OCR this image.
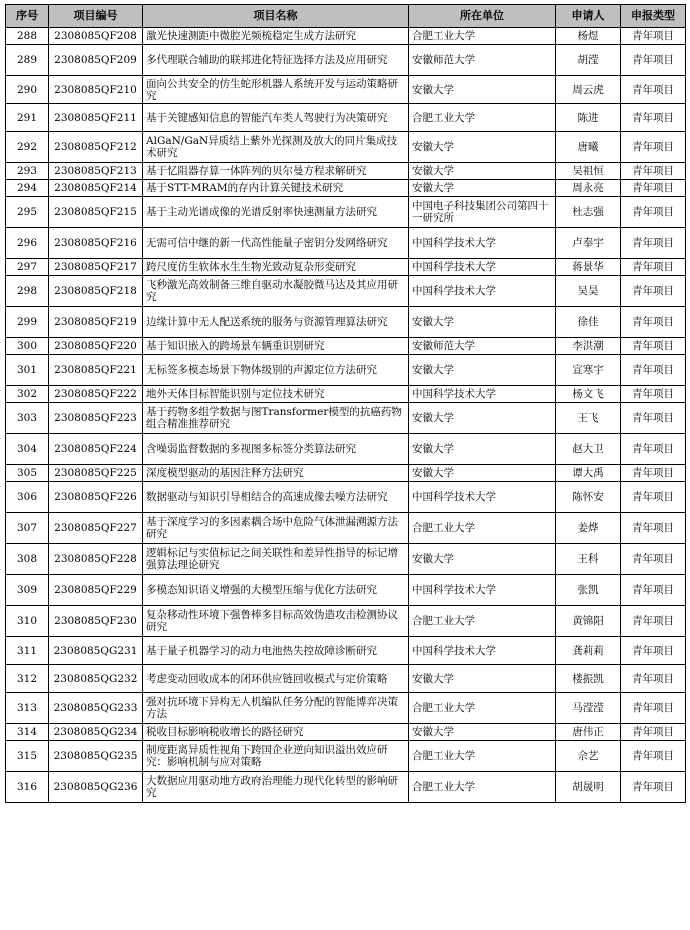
序号	项目编号	项目名称	所在单位	申请人	申报类型
288	2308085QF208	激光快速测距中微腔光频梳稳定生成方法研究	合肥工业大学	杨煜	青年项目
289	2308085QF209	多代理联合辅助的联邦进化特征选择方法及应用研究	安徽师范大学	胡滢	青年项目
290	2308085QF210	面向公共安全的仿生蛇形机器人系统开发与运动策略研究	安徽大学	周云虎	青年项目
291	2308085QF211	基于关键感知信息的智能汽车类人驾驶行为决策研究	合肥工业大学	陈进	青年项目
292	2308085QF212	AlGaN/GaN异质结上紫外光探测及放大的同片集成技术研究	安徽大学	唐曦	青年项目
293	2308085QF213	基于忆阻器存算一体阵列的贝尔曼方程求解研究	安徽大学	吴祖恒	青年项目
294	2308085QF214	基于STT-MRAM的存内计算关键技术研究	安徽大学	周永亮	青年项目
295	2308085QF215	基于主动光谱成像的光谱反射率快速测量方法研究	中国电子科技集团公司第四十一研究所	杜志强	青年项目
296	2308085QF216	无需可信中继的新一代高性能量子密钥分发网络研究	中国科学技术大学	卢奉宇	青年项目
297	2308085QF217	跨尺度仿生软体水生生物光致动复杂形变研究	中国科学技术大学	蒋景华	青年项目
298	2308085QF218	飞秒激光高效制备三维自驱动水凝胶微马达及其应用研究	中国科学技术大学	吴昊	青年项目
299	2308085QF219	边缘计算中无人配送系统的服务与资源管理算法研究	安徽大学	徐佳	青年项目
300	2308085QF220	基于知识嵌入的跨场景车辆重识别研究	安徽师范大学	李洪潮	青年项目
301	2308085QF221	无标签多模态场景下物体级别的声源定位方法研究	安徽大学	宣寒宇	青年项目
302	2308085QF222	地外天体目标智能识别与定位技术研究	中国科学技术大学	杨文飞	青年项目
303	2308085QF223	基于药物多组学数据与图Transformer模型的抗癌药物组合精准推荐研究	安徽大学	王飞	青年项目
304	2308085QF224	含噪弱监督数据的多视图多标签分类算法研究	安徽大学	赵大卫	青年项目
305	2308085QF225	深度模型驱动的基因注释方法研究	安徽大学	谭大禹	青年项目
306	2308085QF226	数据驱动与知识引导相结合的高速成像去噪方法研究	中国科学技术大学	陈怀安	青年项目
307	2308085QF227	基于深度学习的多因素耦合场中危险气体泄漏溯源方法研究	合肥工业大学	姜烨	青年项目
308	2308085QF228	逻辑标记与实值标记之间关联性和差异性指导的标记增强算法理论研究	安徽大学	王科	青年项目
309	2308085QF229	多模态知识语义增强的大模型压缩与优化方法研究	中国科学技术大学	张凯	青年项目
310	2308085QF230	复杂移动性环境下强鲁棒多目标高效伪造攻击检测协议研究	合肥工业大学	黄锦阳	青年项目
311	2308085QG231	基于量子机器学习的动力电池热失控故障诊断研究	中国科学技术大学	龚莉莉	青年项目
312	2308085QG232	考虑变动回收成本的闭环供应链回收模式与定价策略	安徽大学	楼振凯	青年项目
313	2308085QG233	强对抗环境下异构无人机编队任务分配的智能博弈决策方法	合肥工业大学	马滢滢	青年项目
314	2308085QG234	税收目标影响税收增长的路径研究	安徽大学	唐伟正	青年项目
315	2308085QG235	制度距离异质性视角下跨国企业逆向知识溢出效应研究：影响机制与应对策略	合肥工业大学	佘艺	青年项目
316	2308085QG236	大数据应用驱动地方政府治理能力现代化转型的影响研究	合肥工业大学	胡晟明	青年项目
